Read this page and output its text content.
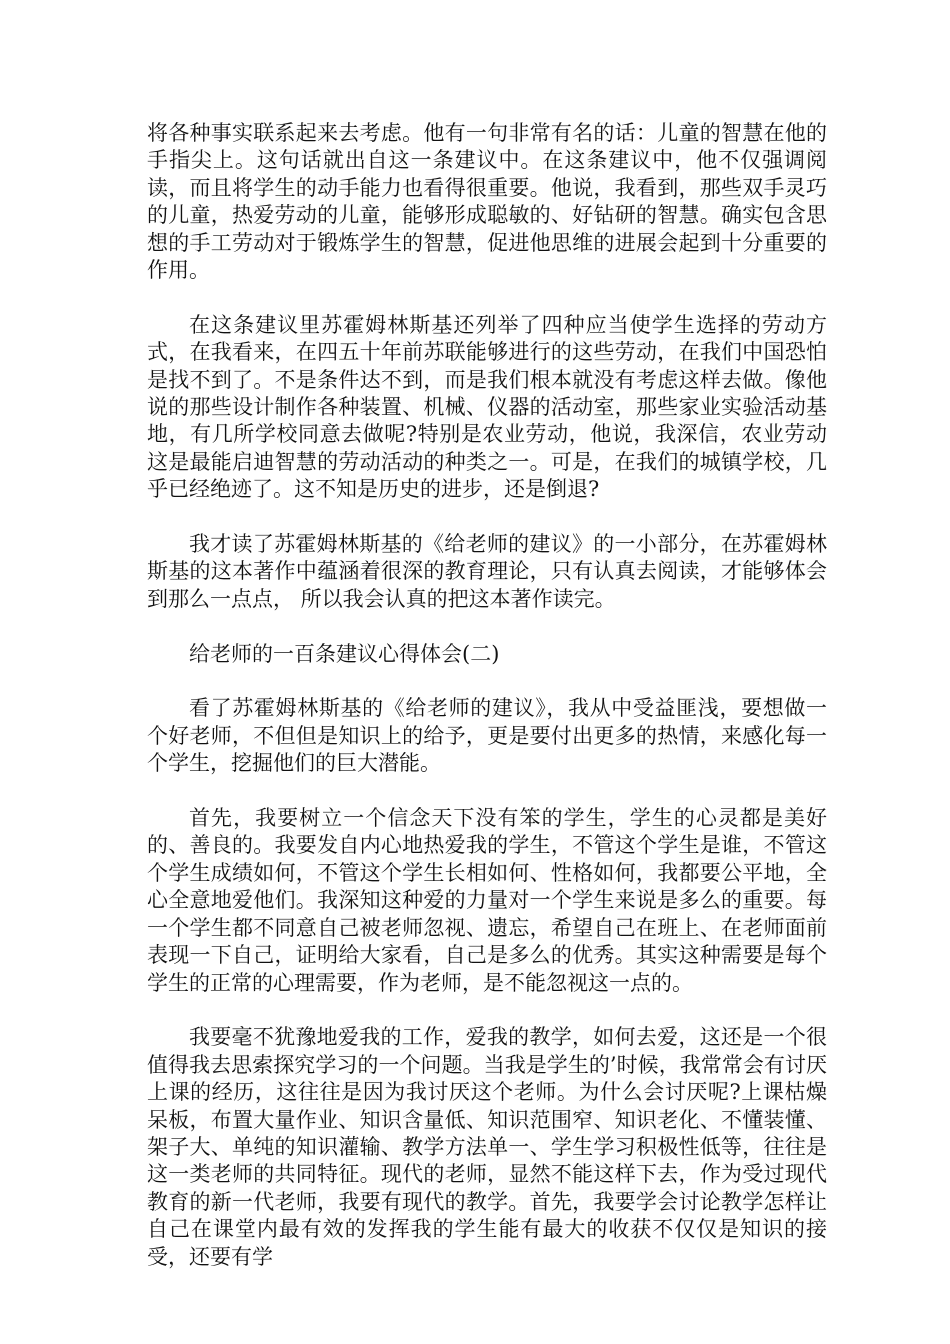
将各种事实联系起来去考虑。他有一句非常有名的话：儿童的智慧在他的手指尖上。这句话就出自这一条建议中。在这条建议中，他不仅强调阅读，而且将学生的动手能力也看得很重要。他说，我看到，那些双手灵巧的儿童，热爱劳动的儿童，能够形成聪敏的、好钻研的智慧。确实包含思想的手工劳动对于锻炼学生的智慧，促进他思维的进展会起到十分重要的作用。

在这条建议里苏霍姆林斯基还列举了四种应当使学生选择的劳动方式，在我看来，在四五十年前苏联能够进行的这些劳动，在我们中国恐怕是找不到了。不是条件达不到，而是我们根本就没有考虑这样去做。像他说的那些设计制作各种装置、机械、仪器的活动室，那些家业实验活动基地，有几所学校同意去做呢?特别是农业劳动，他说，我深信，农业劳动这是最能启迪智慧的劳动活动的种类之一。可是，在我们的城镇学校，几乎已经绝迹了。这不知是历史的进步，还是倒退?

我才读了苏霍姆林斯基的《给老师的建议》的一小部分，在苏霍姆林斯基的这本著作中蕴涵着很深的教育理论，只有认真去阅读，才能够体会到那么一点点， 所以我会认真的把这本著作读完。

给老师的一百条建议心得体会(二)

看了苏霍姆林斯基的《给老师的建议》，我从中受益匪浅，要想做一个好老师，不但但是知识上的给予，更是要付出更多的热情，来感化每一个学生，挖掘他们的巨大潜能。

首先，我要树立一个信念天下没有笨的学生，学生的心灵都是美好的、善良的。我要发自内心地热爱我的学生，不管这个学生是谁，不管这个学生成绩如何，不管这个学生长相如何、性格如何，我都要公平地，全心全意地爱他们。我深知这种爱的力量对一个学生来说是多么的重要。每一个学生都不同意自己被老师忽视、遗忘，希望自己在班上、在老师面前表现一下自己，证明给大家看，自己是多么的优秀。其实这种需要是每个学生的正常的心理需要，作为老师，是不能忽视这一点的。

我要毫不犹豫地爱我的工作，爱我的教学，如何去爱，这还是一个很值得我去思索探究学习的一个问题。当我是学生的’时候，我常常会有讨厌上课的经历，这往往是因为我讨厌这个老师。为什么会讨厌呢?上课枯燥呆板，布置大量作业、知识含量低、知识范围窄、知识老化、不懂装懂、架子大、单纯的知识灌输、教学方法单一、学生学习积极性低等，往往是这一类老师的共同特征。现代的老师，显然不能这样下去，作为受过现代教育的新一代老师，我要有现代的教学。首先，我要学会讨论教学怎样让自己在课堂内最有效的发挥我的学生能有最大的收获不仅仅是知识的接受，还要有学
